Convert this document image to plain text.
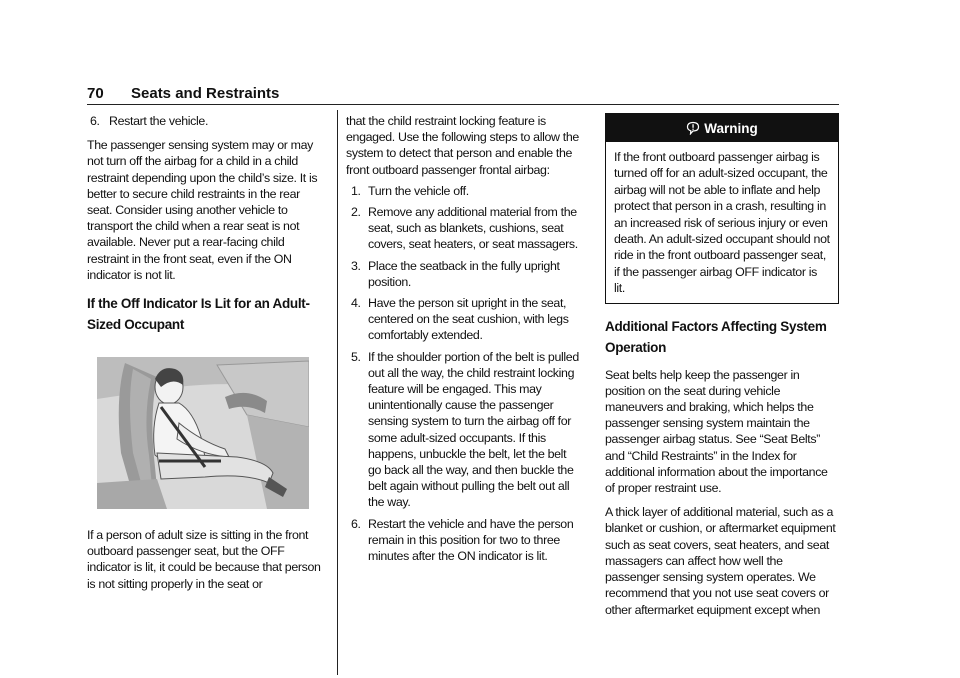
70 Seats and Restraints
6. Restart the vehicle.

The passenger sensing system may or may not turn off the airbag for a child in a child restraint depending upon the child’s size. It is better to secure child restraints in the rear seat. Consider using another vehicle to transport the child when a rear seat is not available. Never put a rear-facing child restraint in the front seat, even if the ON indicator is not lit.

If the Off Indicator Is Lit for an Adult-Sized Occupant

If a person of adult size is sitting in the front outboard passenger seat, but the OFF indicator is lit, it could be because that person is not sitting properly in the seat or

that the child restraint locking feature is engaged. Use the following steps to allow the system to detect that person and enable the front outboard passenger frontal airbag:

1. Turn the vehicle off.
2. Remove any additional material from the seat, such as blankets, cushions, seat covers, seat heaters, or seat massagers.
3. Place the seatback in the fully upright position.
4. Have the person sit upright in the seat, centered on the seat cushion, with legs comfortably extended.
5. If the shoulder portion of the belt is pulled out all the way, the child restraint locking feature will be engaged. This may unintentionally cause the passenger sensing system to turn the airbag off for some adult-sized occupants. If this happens, unbuckle the belt, let the belt go back all the way, and then buckle the belt again without pulling the belt out all the way.
6. Restart the vehicle and have the person remain in this position for two to three minutes after the ON indicator is lit.
Warning

If the front outboard passenger airbag is turned off for an adult-sized occupant, the airbag will not be able to inflate and help protect that person in a crash, resulting in an increased risk of serious injury or even death. An adult-sized occupant should not ride in the front outboard passenger seat, if the passenger airbag OFF indicator is lit.

Additional Factors Affecting System Operation

Seat belts help keep the passenger in position on the seat during vehicle maneuvers and braking, which helps the passenger sensing system maintain the passenger airbag status. See “Seat Belts” and “Child Restraints” in the Index for additional information about the importance of proper restraint use.

A thick layer of additional material, such as a blanket or cushion, or aftermarket equipment such as seat covers, seat heaters, and seat massagers can affect how well the passenger sensing system operates. We recommend that you not use seat covers or other aftermarket equipment except when
